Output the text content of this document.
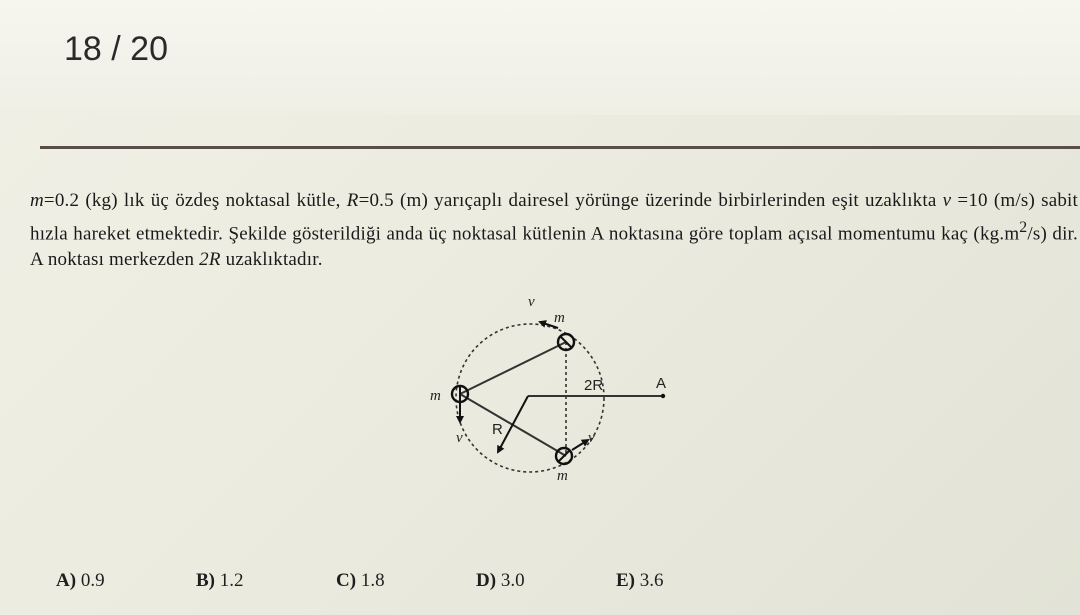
18 / 20
m=0.2 (kg) lık üç özdeş noktasal kütle, R=0.5 (m) yarıçaplı dairesel yörünge üzerinde birbirlerinden eşit uzaklıkta v =10 (m/s) sabit hızla hareket etmektedir. Şekilde gösterildiği anda üç noktasal kütlenin A noktasına göre toplam açısal momentumu kaç $(kg.m^2/s)$ dir. A noktası merkezden 2R uzaklıktadır.
v
m
m
v R
2R	A
v
m
A) 0.9	B) 1.2	C) 1.8	D) 3.0	E) 3.6
